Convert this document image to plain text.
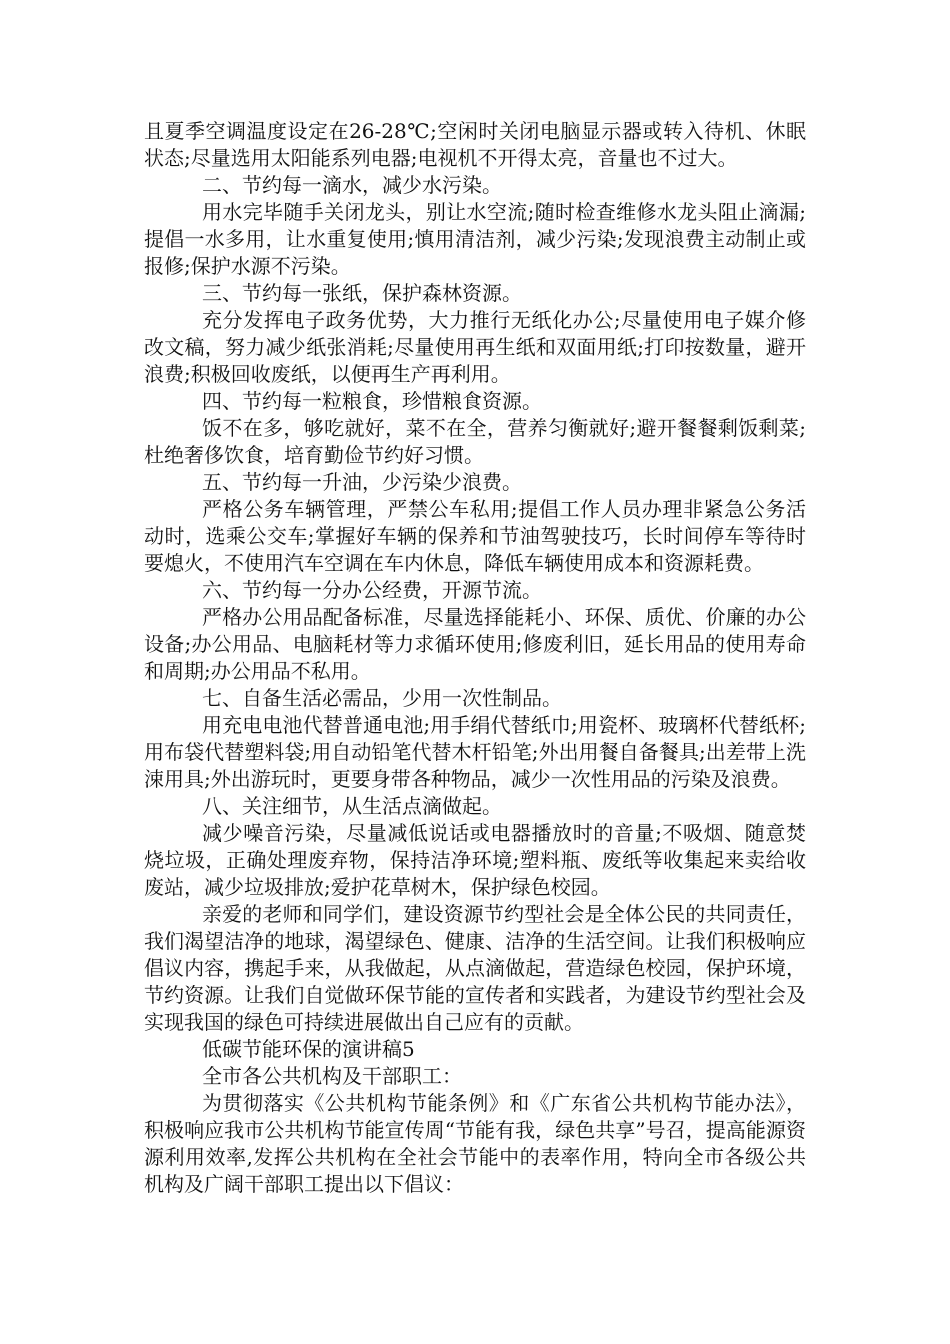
且夏季空调温度设定在26-28℃;空闲时关闭电脑显示器或转入待机、休眠状态;尽量选用太阳能系列电器;电视机不开得太亮，音量也不过大。

二、节约每一滴水，减少水污染。

用水完毕随手关闭龙头，别让水空流;随时检查维修水龙头阻止滴漏;提倡一水多用，让水重复使用;慎用清洁剂，减少污染;发现浪费主动制止或报修;保护水源不污染。

三、节约每一张纸，保护森林资源。

充分发挥电子政务优势，大力推行无纸化办公;尽量使用电子媒介修改文稿，努力减少纸张消耗;尽量使用再生纸和双面用纸;打印按数量，避开浪费;积极回收废纸，以便再生产再利用。

四、节约每一粒粮食，珍惜粮食资源。

饭不在多，够吃就好，菜不在全，营养匀衡就好;避开餐餐剩饭剩菜;杜绝奢侈饮食，培育勤俭节约好习惯。

五、节约每一升油，少污染少浪费。

严格公务车辆管理，严禁公车私用;提倡工作人员办理非紧急公务活动时，选乘公交车;掌握好车辆的保养和节油驾驶技巧，长时间停车等待时要熄火，不使用汽车空调在车内休息，降低车辆使用成本和资源耗费。

六、节约每一分办公经费，开源节流。

严格办公用品配备标准，尽量选择能耗小、环保、质优、价廉的办公设备;办公用品、电脑耗材等力求循环使用;修废利旧，延长用品的使用寿命和周期;办公用品不私用。

七、自备生活必需品，少用一次性制品。

用充电电池代替普通电池;用手绢代替纸巾;用瓷杯、玻璃杯代替纸杯;用布袋代替塑料袋;用自动铅笔代替木杆铅笔;外出用餐自备餐具;出差带上洗涑用具;外出游玩时，更要身带各种物品，减少一次性用品的污染及浪费。

八、关注细节，从生活点滴做起。

减少噪音污染，尽量减低说话或电器播放时的音量;不吸烟、随意焚烧垃圾，正确处理废弃物，保持洁净环境;塑料瓶、废纸等收集起来卖给收废站，减少垃圾排放;爱护花草树木，保护绿色校园。

亲爱的老师和同学们，建设资源节约型社会是全体公民的共同责任，我们渴望洁净的地球，渴望绿色、健康、洁净的生活空间。让我们积极响应倡议内容，携起手来，从我做起，从点滴做起，营造绿色校园，保护环境，节约资源。让我们自觉做环保节能的宣传者和实践者，为建设节约型社会及实现我国的绿色可持续进展做出自己应有的贡献。

低碳节能环保的演讲稿5

全市各公共机构及干部职工：

为贯彻落实《公共机构节能条例》和《广东省公共机构节能办法》，积极响应我市公共机构节能宣传周“节能有我，绿色共享”号召，提高能源资源利用效率,发挥公共机构在全社会节能中的表率作用，特向全市各级公共机构及广阔干部职工提出以下倡议：
